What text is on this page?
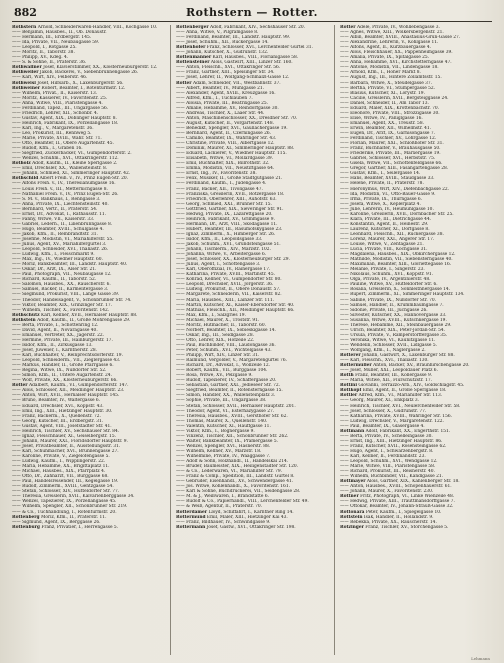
882	Rothstern — Rotter.

Rothstern Arnold, Schneiderwaren-Händler, VIII., Kochgasse 10.

—— Benjamin, Hausbes., II., Ob. Donaustr.

—— Hermann, III., Erdbergstr. 145.

—— Ida, Private, VII., Neubaugasse 59.

—— Leopold, I., Rotgasse 25.

—— Moritz, II., Taborstr. 38.

—— Philipp, XV., Kdeg. 4.

—— S. & Söhne, II., Praterstr. 36.

Rothwallner Josef, Klavierstimmer, XX., Klosterneuburgerstr. 12.

Rothweiler Jakob, Bäckerei, V., Siebenbrunnengasse 26.

—— Karl, Wirt, XIV., Felberstr. 46.

Rothweisl Josef, Hilfsarb., X., Laxenburgerstr. 56.

Rothweiner Robert, Beamter, I., Rotenturmstr. 12.

—— Wilhelm, Privat., II., Kaiserstr. 13.

—— Moritz, Kassierer, IV., Favoritenstr. 25.

—— Anna, Witwe, VIII., Piaristengasse 4.

—— Ferdinand, Tapez., III., Ungargasse 56.

—— Friedrich, Lehrer, XII., Schönbr. 4.

—— Gustav, Agent, XIX., Döblinger Hauptstr. 8.

—— Heinrich, Fabrikant, IX., Porzellangasse 18.

—— Karl, Ing., V., Margaretenstr. 36.

—— Leo, Prokurist, III., Rennweg 5.

—— Marie, Private, XVIII., Währ. Str. 71.

—— Otto, Beamter, II., Obere Augartenstr. 45.

—— Rudolf, Kfm., I., Graben 16.

—— Siegfried, Zuckerbäcker, VI., Gumpendorferstr. 2.

—— Wenzel, Schuhm., XVI., Ottakringerstr. 112.

Rotholz Adolf, Kaufm., II., Kleine Sperlgasse 2.

—— Emil, Drechsler, XX., Wallensteinstr. 8.

—— Johann, Schmied, XI., Simmeringer Hauptstr. 42.

Rothschild Albert Freih. v., IV., Prinz Eugen-Str. 20.

—— Alfons Freih. v., IV., Theresianumgasse 16.

—— Louis Freih. v., III., Metternichgasse 8.

—— Nathaniel Freih. v., IV., Prinz Eugen-Str. 26.

—— S. M. v., Bankhaus, I., Renngasse 3.

—— Anna, Private, IX., Liechtensteinstr. 40.

—— Bernhard, Vertr., II., Praterstr. 54.

—— Ernst, Dr., Advokat, I., Rathausstr. 11.

—— Fanny, Witwe, VII., Kaiserstr. 33.

—— Gabriel, Lederh., II., Lilienbrunngasse 8.

—— Hugo, Beamter, XVIII., Schulgasse 4.

—— Jakob, Kfm., II., Rembrandtstr. 31.

—— Josefine, Modistin, VI., Mariahilferstr. 55.

—— Julius, Agent, XV., Mariahilfergürtel 3.

—— Leopold, Schneider, XVI., Thaliastr. 26.

—— Ludwig, Kfm., I., Fleischmarkt 9.

—— Max, Ing., IV., Wiedner Hauptstr. 60.

—— Moriz, Bankbeamter, III., Landstr. Hauptstr. 40.

—— Oskar, Dr., Arzt, IX., Alser Str. 21.

—— Paul, Photograph, VII., Neubaugasse 12.

—— Richard, Kaufm., II., Taborstr. 52.

—— Salomon, Hausbes., XX., Rauscherstr. 6.

—— Samuel, Bäcker, II., Karmelitergasse 3.

—— Siegmund, Prokurist, VIII., Lange Gasse 39.

—— Theodor, Handelsagent, V., Schönbrunner Str. 74.

—— Viktor, Beamter, XIX., Grinzinger Str. 17.

—— Wilhelm, Tischler, X., Favoritenstr. 142.

Rothschütz Karl, Kellner, XVII., Hernalser Hauptstr. 88.

Rothstein Adolf, Kaufm., II., Große Mohrengasse 29.

—— Berta, Private, I., Schottenring 12.

—— David, Agent, II., Novaragasse 40.

—— Emanuel, Vertreter, XX., Jägerstr. 22.

—— Hermine, Private, III., Hainburgerstr. 17.

—— Isidor, Kfm., II., Zirkusgasse 13.

—— Josef, Juwelier, I., Kärntnerstr. 28.

—— Karl, Buchhalter, V., Reinprechtsdorferstr. 19.

—— Leopold, Schneiderm., VII., Zieglergasse 43.

—— Markus, Händler, II., Große Pfarrgasse 6.

—— Regina, Witwe, IX., Nußdorfer Str. 52.

—— Simon, Kfm., II., Untere Augartenstr. 24.

—— Wolf, Private, XX., Klosterneuburgerstr. 66.

Rotter Adalbert, Kaufm., VI., Gumpendorferstr. 147.

—— Alois, Schlosser, XII., Meidlinger Hauptstr. 23.

—— Anton, Wirt, XVII., Hernalser Hauptstr. 145.

—— Bruno, Beamter, IV., Waltergasse 6.

—— Eduard, Drechsler, XVI., Koppstr. 43.

—— Emil, Ing., XIII., Hietzinger Hauptstr. 30.

—— Franz, Bäckerm., X., Quellenstr. 72.

—— Georg, Kutscher, III., Erdbergstr. 31.

—— Gustav, Agent, VIII., Josefstädter Str. 41.

—— Heinrich, Tischler, XV., Sechshauser Str. 84.

—— Ignaz, Fleischhauer, XI., Geiselbergstr. 15.

—— Johann, Maurer, XXI., Floridsdorfer Hauptstr. 9.

—— Josef, Privatbeamter, II., Ausstellungsstr. 31.

—— Karl, Schuhmacher, XVI., Brunnengasse 27.

—— Karoline, Private, V., Ziegelofengasse 5.

—— Ludwig, Kaufm., I., Wipplingerstr. 22.

—— Maria, Hebamme, XX., Brigittaplatz 11.

—— Michael, Hausbes., XIX., Pfarrplatz 4.

—— Otto, Dr., Zahnarzt, VII., Burggasse 68.

—— Paul, Handelsreisender, III., Kegelgasse 19.

—— Rudolf, Zimmerm., XVIII., Gentzgasse 54.

—— Stefan, Schlosser, XIV., Hütteldorfer Str. 77.

—— Theresia, Greislerin, XVII., Kalvarienberggasse 34.

—— Wenzel, Tapezierer, IX., Porzellangasse 45.

—— Wilhelm, Spengler, XII., Schönbrunner Str. 219.

—— & Co., Tuchhandlung, I., Rotenturmstr. 20.

Rottenberg Moriz, Kfm., II., Praterstr. 11.

—— Sigmund, Agent, IX., Berggasse 26.

Rottenburg Franz, Privatier, I., Herrengasse 5.

Rottenberger Adolf, Fabrikant, XIV., Sechshauser Str. 20.

—— Anna, Witwe, V., Pilgramgasse 8.

—— Ferdinand, Beamter, III., Landstr. Hauptstr. 99.

—— Josef, Schuhm., XII., Ruckergasse 14.

Rottenhofer Franz, Schlosser, XVI., Lerchenfelder Gürtel 31.

—— Johann, Kutscher, X., Gudrunstr. 132.

Rottenmanner Karl, Hausbes., VIII., Florianigasse 58.

Rottensteiner Alois, Gastwirt, XIII., Linzer Str. 160.

—— Anton, Fleischh., XVI., Ottakringer Str. 56.

—— Franz, Gärtner, XIII., Speisinger Str. 34.

—— Josef, Lehrer, II., Wolfgang-Schmälzl-Gasse 12.

Rotter Adam, Schneider, VII., Westbahnstr. 37.

—— Albert, Beamter, IV., Mühlgasse 21.

—— Alexander, Agent, XVIII., Kreuzgasse 16.

—— Alfred, Kfm., I., Tuchlauben 7.

—— Aloisia, Private, III., Beatrixgasse 25.

—— Amalie, Hebamme, XV., Reindorfgasse 30.

—— Andreas, Tischler, X., Laaer Str. 44.

—— Anton, Maschinenschlosser, XX., Dresdner Str. 70.

—— August, Kutscher, II., Vorgartenstr. 148.

—— Benedikt, Spengler, XVI., Gaullachergasse 19.

—— Bernhard, Agent, II., Czerningasse 26.

—— Camillo, Beamter, IX., Währinger Str. 43.

—— Christine, Private, VIII., Albertgasse 12.

—— Dominik, Maurer, XI., Simmeringer Hauptstr. 88.

—— Eduard, Lackierer, V., Wiedner Hauptstr. 115.

—— Elisabeth, Witwe, VI., Mollardgasse 39.

—— Emil, Buchhalter, XIX., Billrothstr. 32.

—— Emma, Modistin, VII., Neustiftgasse 64.

—— Ernst, Ing., IV., Favoritenstr. 38.

—— Felix, Musiker, II., Große Stadtgutgasse 21.

—— Ferdinand, Kaufm., I., Judengasse 4.

—— Franz, Bäcker, XII., Tivoligasse 47.

—— Franziska, Greislerin, XVII., Rötzergasse 18.

—— Friedrich, Oberlehrer, XIII., Auhofstr. 63.

—— Georg, Schmied, XXI., Brünner Str. 15.

—— Gottfried, Gärtner, XIX., Sieveringer Str. 91.

—— Hedwig, Private, IX., Lazarettgasse 20.

—— Heinrich, Fabrikant, XV., Grimmgasse 9.

—— Hermann, Dr., Arzt, VIII., Skodagasse 11.

—— Hubert, Beamter, III., Rasumofskygasse 23.

—— Ignaz, Zimmerm., X., Himberger Str. 26.

—— Isidor, Kfm., II., Leopoldsgasse 33.

—— Jakob, Schuhm., XVI., Grundsteingasse 51.

—— Johann, Tischlerm., XIV., Märzstr. 102.

—— Johanna, Witwe, V., Arbeitergasse 6.

—— Josef, Schlosser, XX., Klosterneuburger Str. 29.

—— Julius, Agent, I., Schottengasse 3.

—— Karl, Oberoffizial, IV., Rainergasse 17.

—— Katharina, Private, XVIII., Martinstr. 45.

—— Konrad, Kellner, VI., Gumpendorfer Str. 80.

—— Leopold, Drechsler, XVII., Jörgerstr. 36.

—— Ludwig, Prokurist, II., Obere Donaustr. 57.

—— Margarete, Schneiderin, VII., Kaiserstr. 82.

—— Maria, Hausbes., XIII., Lainzer Str. 111.

—— Martin, Kutscher, XI., Kaiser-Ebersdorfer Str. 40.

—— Mathias, Fleischh., XII., Meidlinger Hauptstr. 66.

—— Max, Kfm., I., Salzgries 19.

—— Michael, Maurer, X., Troststr. 91.

—— Moritz, Hutmacher, II., Taborstr. 60.

—— Norbert, Beamter, IX., Sobieskigasse 14.

—— Oskar, Ing., III., Seidlgasse 28.

—— Otto, Lehrer, XIX., Hofzeile 22.

—— Paul, Buchbinder, VIII., Laudongasse 36.

—— Peter, Schuhm., XVI., Wichtelgasse 43.

—— Philipp, Wirt, XIV., Linzer Str. 31.

—— Raimund, Vergolder, V., Margaretengürtel 76.

—— Richard, Dr., Advokat, I., Wollzeile 12.

—— Robert, Kaufm., VII., Burggasse 104.

—— Rosa, Witwe, XV., Pelzgasse 9.

—— Rudolf, Tapezierer, IV., Schäffergasse 20.

—— Sebastian, Gärtner, XXI., Jedleseer Str. 72.

—— Siegfried, Beamter, II., Rotensterngasse 15.

—— Simon, Händler, XX., Wallensteinplatz 3.

—— Sophie, Private, III., Ungargasse 38.

—— Stefan, Schlosser, XVII., Hernalser Hauptstr. 201.

—— Theodor, Agent, VI., Esterházygasse 27.

—— Theresia, Hausbes., XVIII., Gersthofer Str. 62.

—— Thomas, Maurer, X., Quellenstr. 140.

—— Valentin, Kutscher, XI., Hauffgasse 11.

—— Viktor, Kfm., I., Bognergasse 9.

—— Vinzenz, Tischler, XII., Schönbrunner Str. 262.

—— Walter, Bankbeamter, IX., Pramergasse 5.

—— Wenzel, Spengler, XVI., Hasnerstr. 88.

—— Wilhelm, Kellner, XV., Märzstr. 18.

—— Wilhelmine, Private, IV., Waaggasse 7.

—— Adolf & Sohn, Holzhandl., II., Handelskai 214.

—— Brüder, Baumeister, XIX., Heiligenstädter Str. 120.

—— & Co., Lederwaren, VI., Mariahilfer Str. 79.

—— Franz & Comp., Spedition, III., Landstr. Gürtel 8.

—— Gebrüder, Eisenhandl., XV., Schwendergasse 41.

—— Jos. Witwe, Kohlenhandl., X., Favoritenstr. 161.

—— Karl & Söhne, Buchdruckerei, VII., Seidengasse 28.

—— M. & J., Weißwaren, I., Brandstätte 6.

—— Rudolf & Co., Papierhandl., VIII., Lerchenfelder Str. 49.

—— & Weiß, Agentur, II., Praterstr. 70.

Rotterdamer Lloyd, Schiffahrt, I., Kärntner Ring 14.

Rottermund Emil, Maler, XIII., Hietzinger Kai 43.

—— Franz, Bildhauer, IV., Schwindgasse 9.

Rottermann Josef, Gastw., XVI., Ottakringer Str. 198.

Rotter Adele, Private, IV., Wohllebengasse 3.

—— Agnes, Witwe, XIII., Wolkersbergenstr. 21.

—— Albin, Beamter, XVIII., Anastasius-Grün-Gasse 27.

—— Alexandrine, Lehrerin, V., Kohlgasse 11.

—— Alfons, Agent, II., Kurzbauergasse 4.

—— Alois, Fleischhauer, XX., Pappenheimgasse 39.

—— Amalia, Private, IX., Spitalgasse 25.

—— Anna, Hebamme, XVI., Kirchstetterngasse 47.

—— Antonie, Modistin, VII., Lindengasse 18.

—— Arnold, Kfm., I., Hoher Markt 8.

—— August, Ing., III., Hintere Zollamtsstr. 15.

—— Barbara, Witwe, X., Steudelgasse 37.

—— Bertha, Private, VI., Stumpergasse 52.

—— Blasius, Kutscher, XI., Lorystr. 19.

—— Cäcilie, Greislerin, XVII., Bergsteiggasse 24.

—— Daniel, Schneider, II., Am Tabor 13.

—— Eduard, Maler, XIX., Krottenbachstr. 70.

—— Eleonore, Private, VIII., Strozzigasse 30.

—— Elise, Witwe, IV., Paniglgasse 16.

—— Emanuel, Agent, XX., Treustr. 58.

—— Erwin, Beamter, XII., Wilhelmstr. 41.

—— Eugen, Dr., Arzt, IX., Garnisongasse 7.

—— Ferdinand, Tischler, XV., Löhrgasse 12.

—— Florian, Maurer, XXI., Schloßhofer Str. 31.

—— Franz, Buchhalter, V., Bräuhausgasse 50.

—— Friederike, Private, III., Marxergasse 19.

—— Gabriel, Schlosser, XVI., Herbststr. 75.

—— Gisela, Witwe, VII., Schottenfeldgasse 66.

—— Gregor, Gärtner, XIII., Fasangartengasse 28.

—— Gustav, Kfm., I., Seilergasse 14.

—— Hans, Beamter, XVIII., Staudgasse 33.

—— Helene, Private, II., Praterstr. 78.

—— Hieronymus, Wirt, XIV., Diefenbachgasse 22.

—— Ida, Modistin, VI., Otto-Bauer-Gasse 9.

—— Irma, Private, IX., Thurngasse 6.

—— Josefa, Witwe, X., Keplerplatz 4.

—— Julie, Lehrerin, IV., Heumühlgasse 10.

—— Karoline, Greislerin, XVII., Dornbacher Str. 25.

—— Klara, Private, III., Dietrichgasse 44.

—— Konstantin, Agent, II., Heinestr. 29.

—— Laurenz, Kutscher, XI., Dorfgasse 8.

—— Leonhard, Fleischh., XII., Ruckergasse 38.

—— Lorenz, Maurer, XXI., Angerer Str. 17.

—— Louise, Witwe, V., Zentagasse 21.

—— Lucia, Private, VIII., Kochgasse 31.

—— Magdalena, Hausbes., XIX., Obkirchergasse 12.

—— Mathilde, Modistin, VII., Siebensterngasse 40.

—— Maximilian, Beamter, XIII., Gloriettegasse 16.

—— Melanie, Private, I., Singerstr. 23.

—— Nikolaus, Schuhm., XVI., Koppstr. 91.

—— Olga, Private, IV., Argentinierstr. 48.

—— Pauline, Witwe, XV., Hütteldorfer Str. 6.

—— Rosalia, Greislerin, X., Sonnleithnergasse 14.

—— Rupert, Zimmerm., XI., Simmeringer Hauptstr. 134.

—— Sabine, Private, IX., Nußdorfer Str. 70.

—— Samuel, Händler, II., Krummbaumgasse 7.

—— Sidonie, Private, III., Juchgasse 26.

—— Silvester, Kutscher, XX., Hannovergasse 33.

—— Susanna, Witwe, XVIII., Kutschkergasse 19.

—— Therese, Hebamme, XII., Steinbauergasse 29.

—— Ulrich, Beamter, XIX., Peter-Jordan-Str. 54.

—— Ursula, Private, V., Ramperstorffergasse 35.

—— Veronika, Witwe, VI., Kaunitzgasse 11.

—— Wendelin, Schlosser, XVII., Lidlgasse 5.

—— Wolfgang, Kfm., I., Naglergasse 2.

Rotterer Johann, Gastwirt, X., Laxenburger Str. 88.

—— Karl, Fleischh., XVI., Thaliastr. 130.

Rottermüller Anton, Bäcker, XV., Braunhirschengasse 20.

—— Josef, Müller, XXI., Leopoldauer Platz 6.

Rotth Franz, Beamter, III., Kollergasse 9.

—— Maria, Witwe, XII., Flurschützstr. 17.

Rottini Giovanni, Terrazzo-Arb., XIV., Goldschlagstr. 45.

Rottkopf Emil, Agent, II., Große Sperlgasse 18.

Rottler Alfred, Kfm., VI., Mariahilfer Str. 113.

—— Georg, Maurer, XI., Enkplatz 3.

—— Heinrich, Tischler, XVI., Neulerchenfelder Str. 58.

—— Josef, Schlosser, X., Gudrunstr. 77.

—— Katharina, Private, XVIII., Währinger Str. 156.

—— Ludwig, Drechsler, V., Margaretenstr. 122.

—— Paul, Beamter, IX., Glasergasse 4.

Rottmann Adolf, Fabrikant, XX., Engerthstr. 151.

—— Berta, Private, IV., Schelleingasse 30.

—— Ernst, Ing., XIII., Hietzinger Hauptstr. 86.

—— Franz, Kutscher, XVII., Rosensteingasse 62.

—— Hugo, Agent, I., Schwarzenbergstr. 8.

—— Karl, Kellner, II., Ferdinandstr. 23.

—— Leopold, Schuhm., XVI., Wendgasse 12.

—— Marie, Witwe, VIII., Piaristengasse 58.

—— Richard, Prokurist, III., Reisnerstr. 40.

—— Wilhelm, Buchbinder, VII., Kandlgasse 21.

Rottmayer Alois, Gärtner, XIX., Kahlenberger Str. 18.

—— Anton, Hausbes., XVIII., Schopenhauerstr. 61.

—— Johann, Maurer, X., Favoritenstr. 230.

Rottner Fritz, Photograph, VI., Linke Wienzeile 48.

—— Hedwig, Private, XIII., Trauttmansdorffgasse 7.

—— Ottokar, Beamter, IV., Johann-Strauß-Gasse 32.

Rottonara Peter, Kaufm., I., Spiegelgasse 10.

Rottstein Isak, Händler, II., Hollandstr. 9.

—— Rebekka, Private, XX., Rauscherstr. 14.

Rotzinger Franz, Tischler, XV., Storchengasse 5.

Lehmann
